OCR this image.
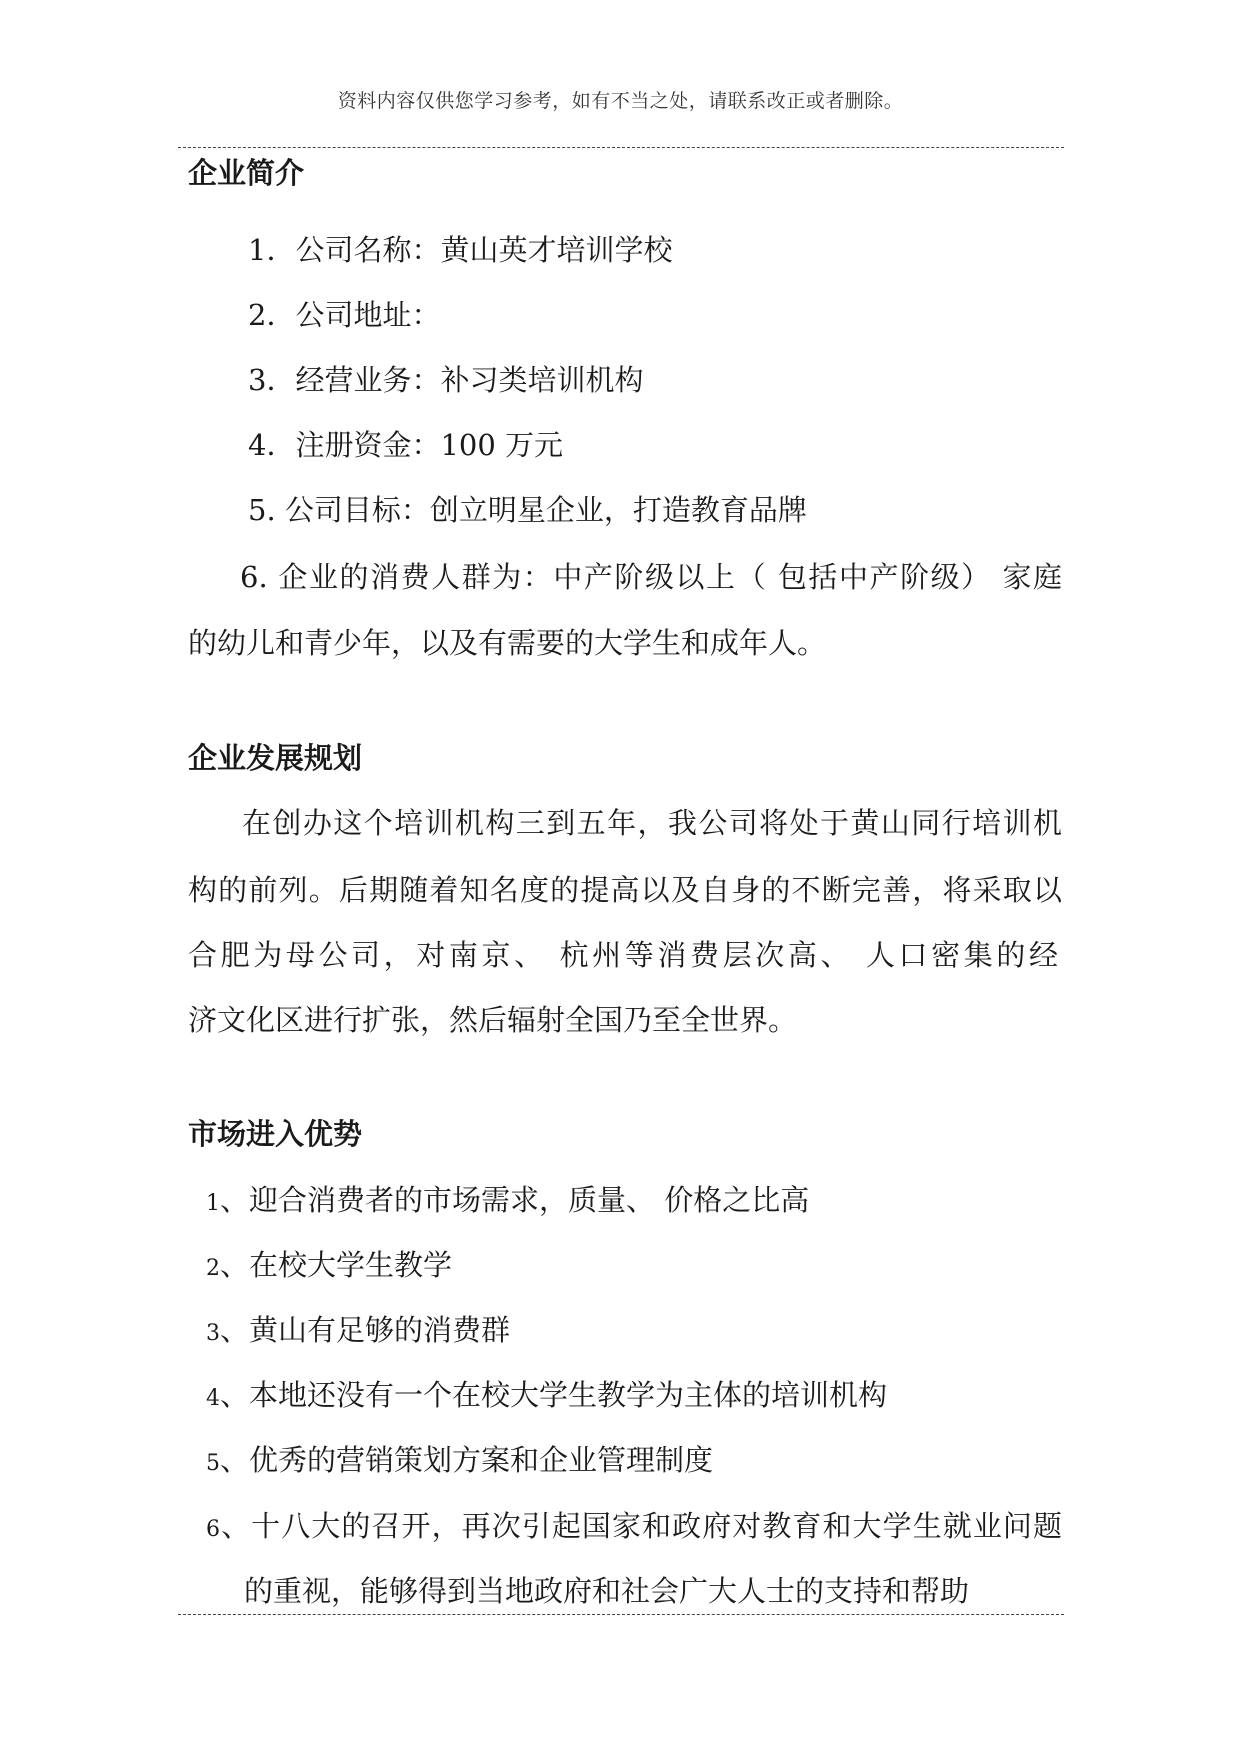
资料内容仅供您学习参考，如有不当之处，请联系改正或者删除。
企业简介
1．公司名称：黄山英才培训学校
2．公司地址：
3．经营业务：补习类培训机构
4．注册资金：100 万元
5. 公司目标：创立明星企业，打造教育品牌
6. 企业的消费人群为：中产阶级以上（ 包括中产阶级） 家庭
的幼儿和青少年，以及有需要的大学生和成年人。
企业发展规划
在创办这个培训机构三到五年，我公司将处于黄山同行培训机
构的前列。后期随着知名度的提高以及自身的不断完善，将采取以
合肥为母公司，对南京、 杭州等消费层次高、 人口密集的经
济文化区进行扩张，然后辐射全国乃至全世界。
市场进入优势
1、迎合消费者的市场需求，质量、 价格之比高
2、在校大学生教学
3、黄山有足够的消费群
4、本地还没有一个在校大学生教学为主体的培训机构
5、优秀的营销策划方案和企业管理制度
6、十八大的召开，再次引起国家和政府对教育和大学生就业问题
的重视，能够得到当地政府和社会广大人士的支持和帮助
